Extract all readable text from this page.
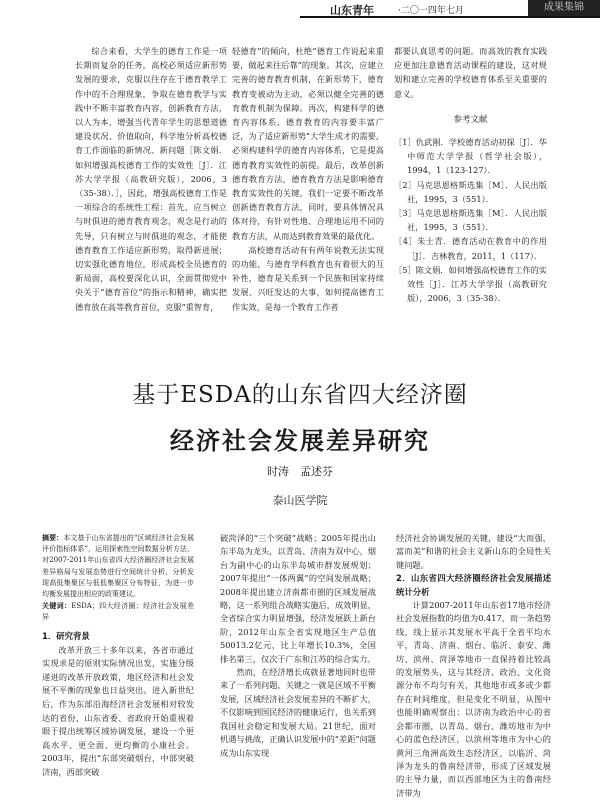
山东青年	·二〇一四年七月	成果集锦

综合来看，大学生的德育工作是一项长期而复杂的任务，高校必须适应新形势发展的要求，克服以往存在于德育教学工作中的不合理现象，争取在德育教学与实践中不断丰富教育内容，创新教育方法，以人为本，增强当代青年学生的思想道德建设状况、价值取向，科学地分析高校德育工作面临的新情况、新问题［陈文娟．如何增强高校德育工作的实效性［J］．江苏大学学报（高教研究版），2006，3（35-38）．］，因此，增强高校德育工作是一项综合的系统性工程：首先，应当树立与时俱进的德育教育观念，观念是行动的先导，只有树立与时俱进的观念，才能使德育教育工作适应新形势，取得新进展；切实强化德育地位，形成高校全员德育的新局面，高校要深化认识，全面贯彻党中央关于“德育首位”的指示和精神，确实把德育放在高等教育首位，克服“重智育，

轻德育”的倾向，杜绝“德育工作说起来重要，做起来往后靠”的现象。其次，应建立完善的德育教育机制，在新形势下，德育教育变被动为主动，必须以健全完善的德育教育机制为保障。再次，构建科学的德育内容体系，德育教育的内容要丰富广泛，为了适应新形势“大学生成才的需要，必须构建科学的德育内容体系，它是提高德育教育实效性的前提。最后，改革创新德育教育方法，德育教育方法是影响德育教育实效性的关键，我们一定要不断改革创新德育教育方法，同时，要具体情况具体对待，有针对性地、合理地运用不同的教育方法，从而达到教育效果的最优化。

高校德育活动有有两年说教无法实现的功能，与德育学科教育也有着很大的互补性，德育是关系到一个民族和国家持续发展、兴旺发达的大事，如何提高德育工作实效，是每一个教育工作者

都要认真思考的问题。而高效的教育实践应更加注意德育活动课程的建设，这对规划和建立完善的学校德育体系至关重要的意义。

参考文献

［1］仇武刚．学校德育活动初探［J］．华中师范大学学报（哲学社会版），1994，1（123-127）．

［2］马克思恩格斯选集［M］．人民出版社，1995，3（551）．

［3］马克思恩格斯选集［M］．人民出版社，1995，3（551）．

［4］朱士青．德育活动在教育中的作用［J］．吉林教育，2011，1（117）．

［5］陈文娟．如何增强高校德育工作的实效性［J］．江苏大学学报（高教研究版），2006，3（35-38）．

基于ESDA的山东省四大经济圈
经济社会发展差异研究
时涛　孟述芬
泰山医学院
摘要：本文基于山东省提出的“区域经济社会发展评价指标体系”，运用探索性空间数据分析方法，对2007-2011年山东省四大经济圈经济社会发展差异格局与发展态势进行空间统计分析，分析发现高低集聚区与低低集聚区分布特征，为进一步均衡发展提出相应的政策建议。
关键词：ESDA；四大经济圈；经济社会发展差异

1．研究背景

改革开放三十多年以来，各省市通过实现求是的原则实际情况出发，实施分级递进的改革开放政策，地区经济和社会发展不平衡的现象也日益突出。进入新世纪后，作为东部沿海经济社会发展相对较发达的省份，山东省委、省政府开始重视着眼于提出统筹区域协调发展，建设一个更高水平、更全面、更均衡的小康社会。2003年，提出“东部突破烟台，中部突破济南，西部突破

破菏泽的“三个突破”战略；2005年提出山东半岛为龙头，以青岛、济南为双中心，烟台为副中心的山东半岛城市群发展规划；2007年提出“一体两翼”的空间发展战略；2008年提出建立济南都市圈的区域发展战略，这一系列组合战略实施后，成效明显，全省综合实力明显增强，经济发展跃上新台阶，2012年山东全省实现地区生产总值50013.2亿元，比上年增长10.3%，全国排名第三，仅次于广东和江苏的综合实力。

然而，在经济增长成就显著地同时也带来了一系列问题，关键之一就是区域不平衡发展，区域经济社会发展差异的不断扩大，不仅影响到国民经济的健康运行，也关系到我国社会稳定和发展大局。21世纪，面对机遇与挑战，正确认识发展中的“差距”问题成为山东实现

经济社会协调发展的关键，建设“大而强，富而美”和谐的社会主义新山东的全局性关键问题。

2．山东省四大经济圈经济社会发展描述统计分析

计算2007-2011年山东省17地市经济社会发展指数的均值为0.417，而一条趋势线，线上显示其发展水平高于全省平均水平，青岛、济南、烟台、临沂、泰安、潍坊、滨州、菏泽等地市一直保持着比较高的发展势头，这与其经济、政治、文化资源分布不均匀有关，其他地市或多或少都存在时间维度，但是变化不明显，从图中也能明确观察出：以济南为政治中心的省会都市圈，以青岛、烟台、潍坊地市为中心的蓝色经济区，以滨州等地市为中心的黄河三角洲高效生态经济区，以临沂、菏泽为龙头的鲁南经济带，形成了区域发展的主导力量，而以西部地区为主的鲁南经济带为
